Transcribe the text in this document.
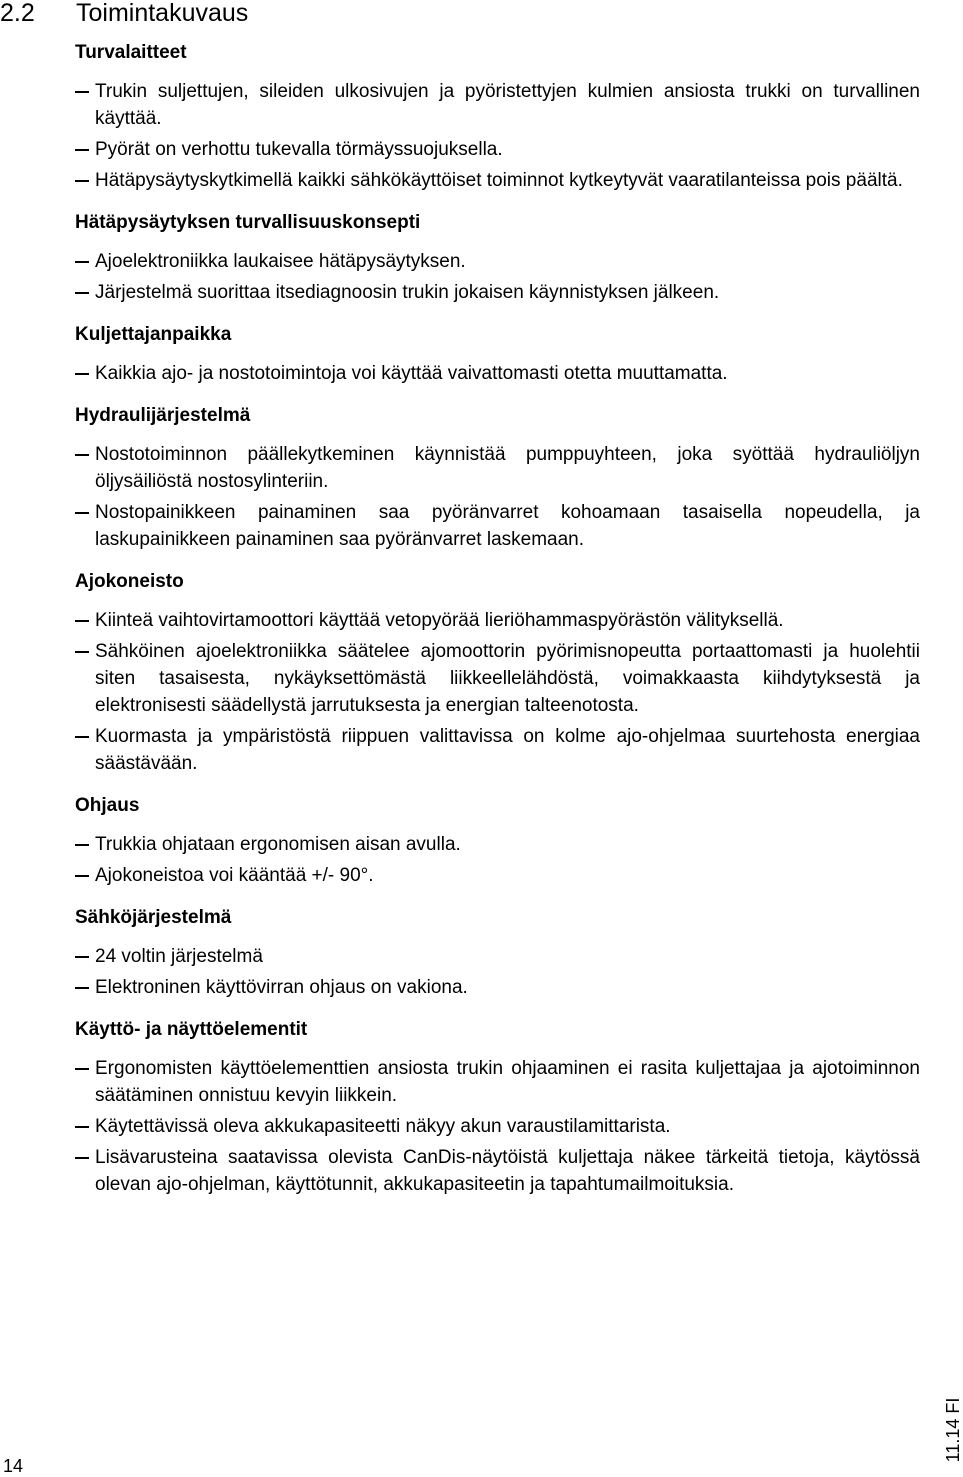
2.2 Toimintakuvaus
Turvalaitteet
Trukin suljettujen, sileiden ulkosivujen ja pyöristettyjen kulmien ansiosta trukki on turvallinen käyttää.
Pyörät on verhottu tukevalla törmäyssuojuksella.
Hätäpysäytyskytkimellä kaikki sähkökäyttöiset toiminnot kytkeytyvät vaaratilanteissa pois päältä.
Hätäpysäytyksen turvallisuuskonsepti
Ajoelektroniikka laukaisee hätäpysäytyksen.
Järjestelmä suorittaa itsediagnoosin trukin jokaisen käynnistyksen jälkeen.
Kuljettajanpaikka
Kaikkia ajo- ja nostotoimintoja voi käyttää vaivattomasti otetta muuttamatta.
Hydraulijärjestelmä
Nostotoiminnon päällekytkeminen käynnistää pumppuyhteen, joka syöttää hydrauliöljyn öljysäiliöstä nostosylinteriin.
Nostopainikkeen painaminen saa pyöränvarret kohoamaan tasaisella nopeudella, ja laskupainikkeen painaminen saa pyöränvarret laskemaan.
Ajokoneisto
Kiinteä vaihtovirtamoottori käyttää vetopyörää lieriöhammaspyörästön välityksellä.
Sähköinen ajoelektroniikka säätelee ajomoottorin pyörimisnopeutta portaattomasti ja huolehtii siten tasaisesta, nykäyksettömästä liikkeellelähdöstä, voimakkaasta kiihdytyksestä ja elektronisesti säädellystä jarrutuksesta ja energian talteenotosta.
Kuormasta ja ympäristöstä riippuen valittavissa on kolme ajo-ohjelmaa suurtehosta energiaa säästävään.
Ohjaus
Trukkia ohjataan ergonomisen aisan avulla.
Ajokoneistoa voi kääntää +/- 90°.
Sähköjärjestelmä
24 voltin järjestelmä
Elektroninen käyttövirran ohjaus on vakiona.
Käyttö- ja näyttöelementit
Ergonomisten käyttöelementtien ansiosta trukin ohjaaminen ei rasita kuljettajaa ja ajotoiminnon säätäminen onnistuu kevyin liikkein.
Käytettävissä oleva akkukapasiteetti näkyy akun varaustilamittarista.
Lisävarusteina saatavissa olevista CanDis-näytöistä kuljettaja näkee tärkeitä tietoja, käytössä olevan ajo-ohjelman, käyttötunnit, akkukapasiteetin ja tapahtumailmoituksia.
14
11.14 FI
